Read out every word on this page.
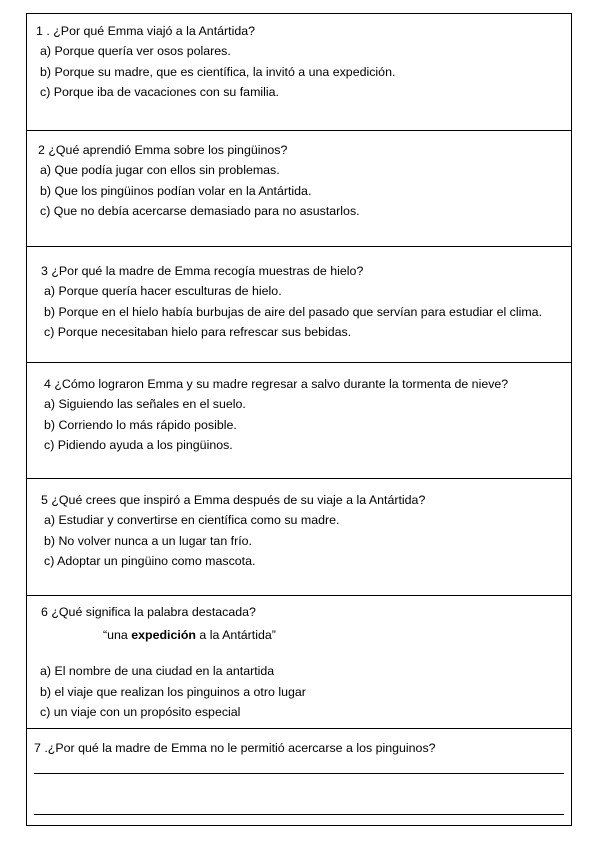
1 . ¿Por qué Emma viajó a la Antártida?
a) Porque quería ver osos polares.
b) Porque su madre, que es científica, la invitó a una expedición.
c) Porque iba de vacaciones con su familia.
2 ¿Qué aprendió Emma sobre los pingüinos?
a) Que podía jugar con ellos sin problemas.
b) Que los pingüinos podían volar en la Antártida.
c) Que no debía acercarse demasiado para no asustarlos.
3 ¿Por qué la madre de Emma recogía muestras de hielo?
a) Porque quería hacer esculturas de hielo.
b) Porque en el hielo había burbujas de aire del pasado que servían para estudiar el clima.
c) Porque necesitaban hielo para refrescar sus bebidas.
4 ¿Cómo lograron Emma y su madre regresar a salvo durante la tormenta de nieve?
a) Siguiendo las señales en el suelo.
b) Corriendo lo más rápido posible.
c) Pidiendo ayuda a los pingüinos.
5 ¿Qué crees que inspiró a Emma después de su viaje a la Antártida?
a) Estudiar y convertirse en científica como su madre.
b) No volver nunca a un lugar tan frío.
c) Adoptar un pingüino como mascota.
6 ¿Qué significa la palabra destacada?
“una expedición a la Antártida”
a) El nombre de una ciudad en la antartida
b) el viaje que realizan los pinguinos a otro lugar
c) un viaje con un propósito especial
7 .¿Por qué la madre de Emma no le permitió acercarse a los pinguinos?
